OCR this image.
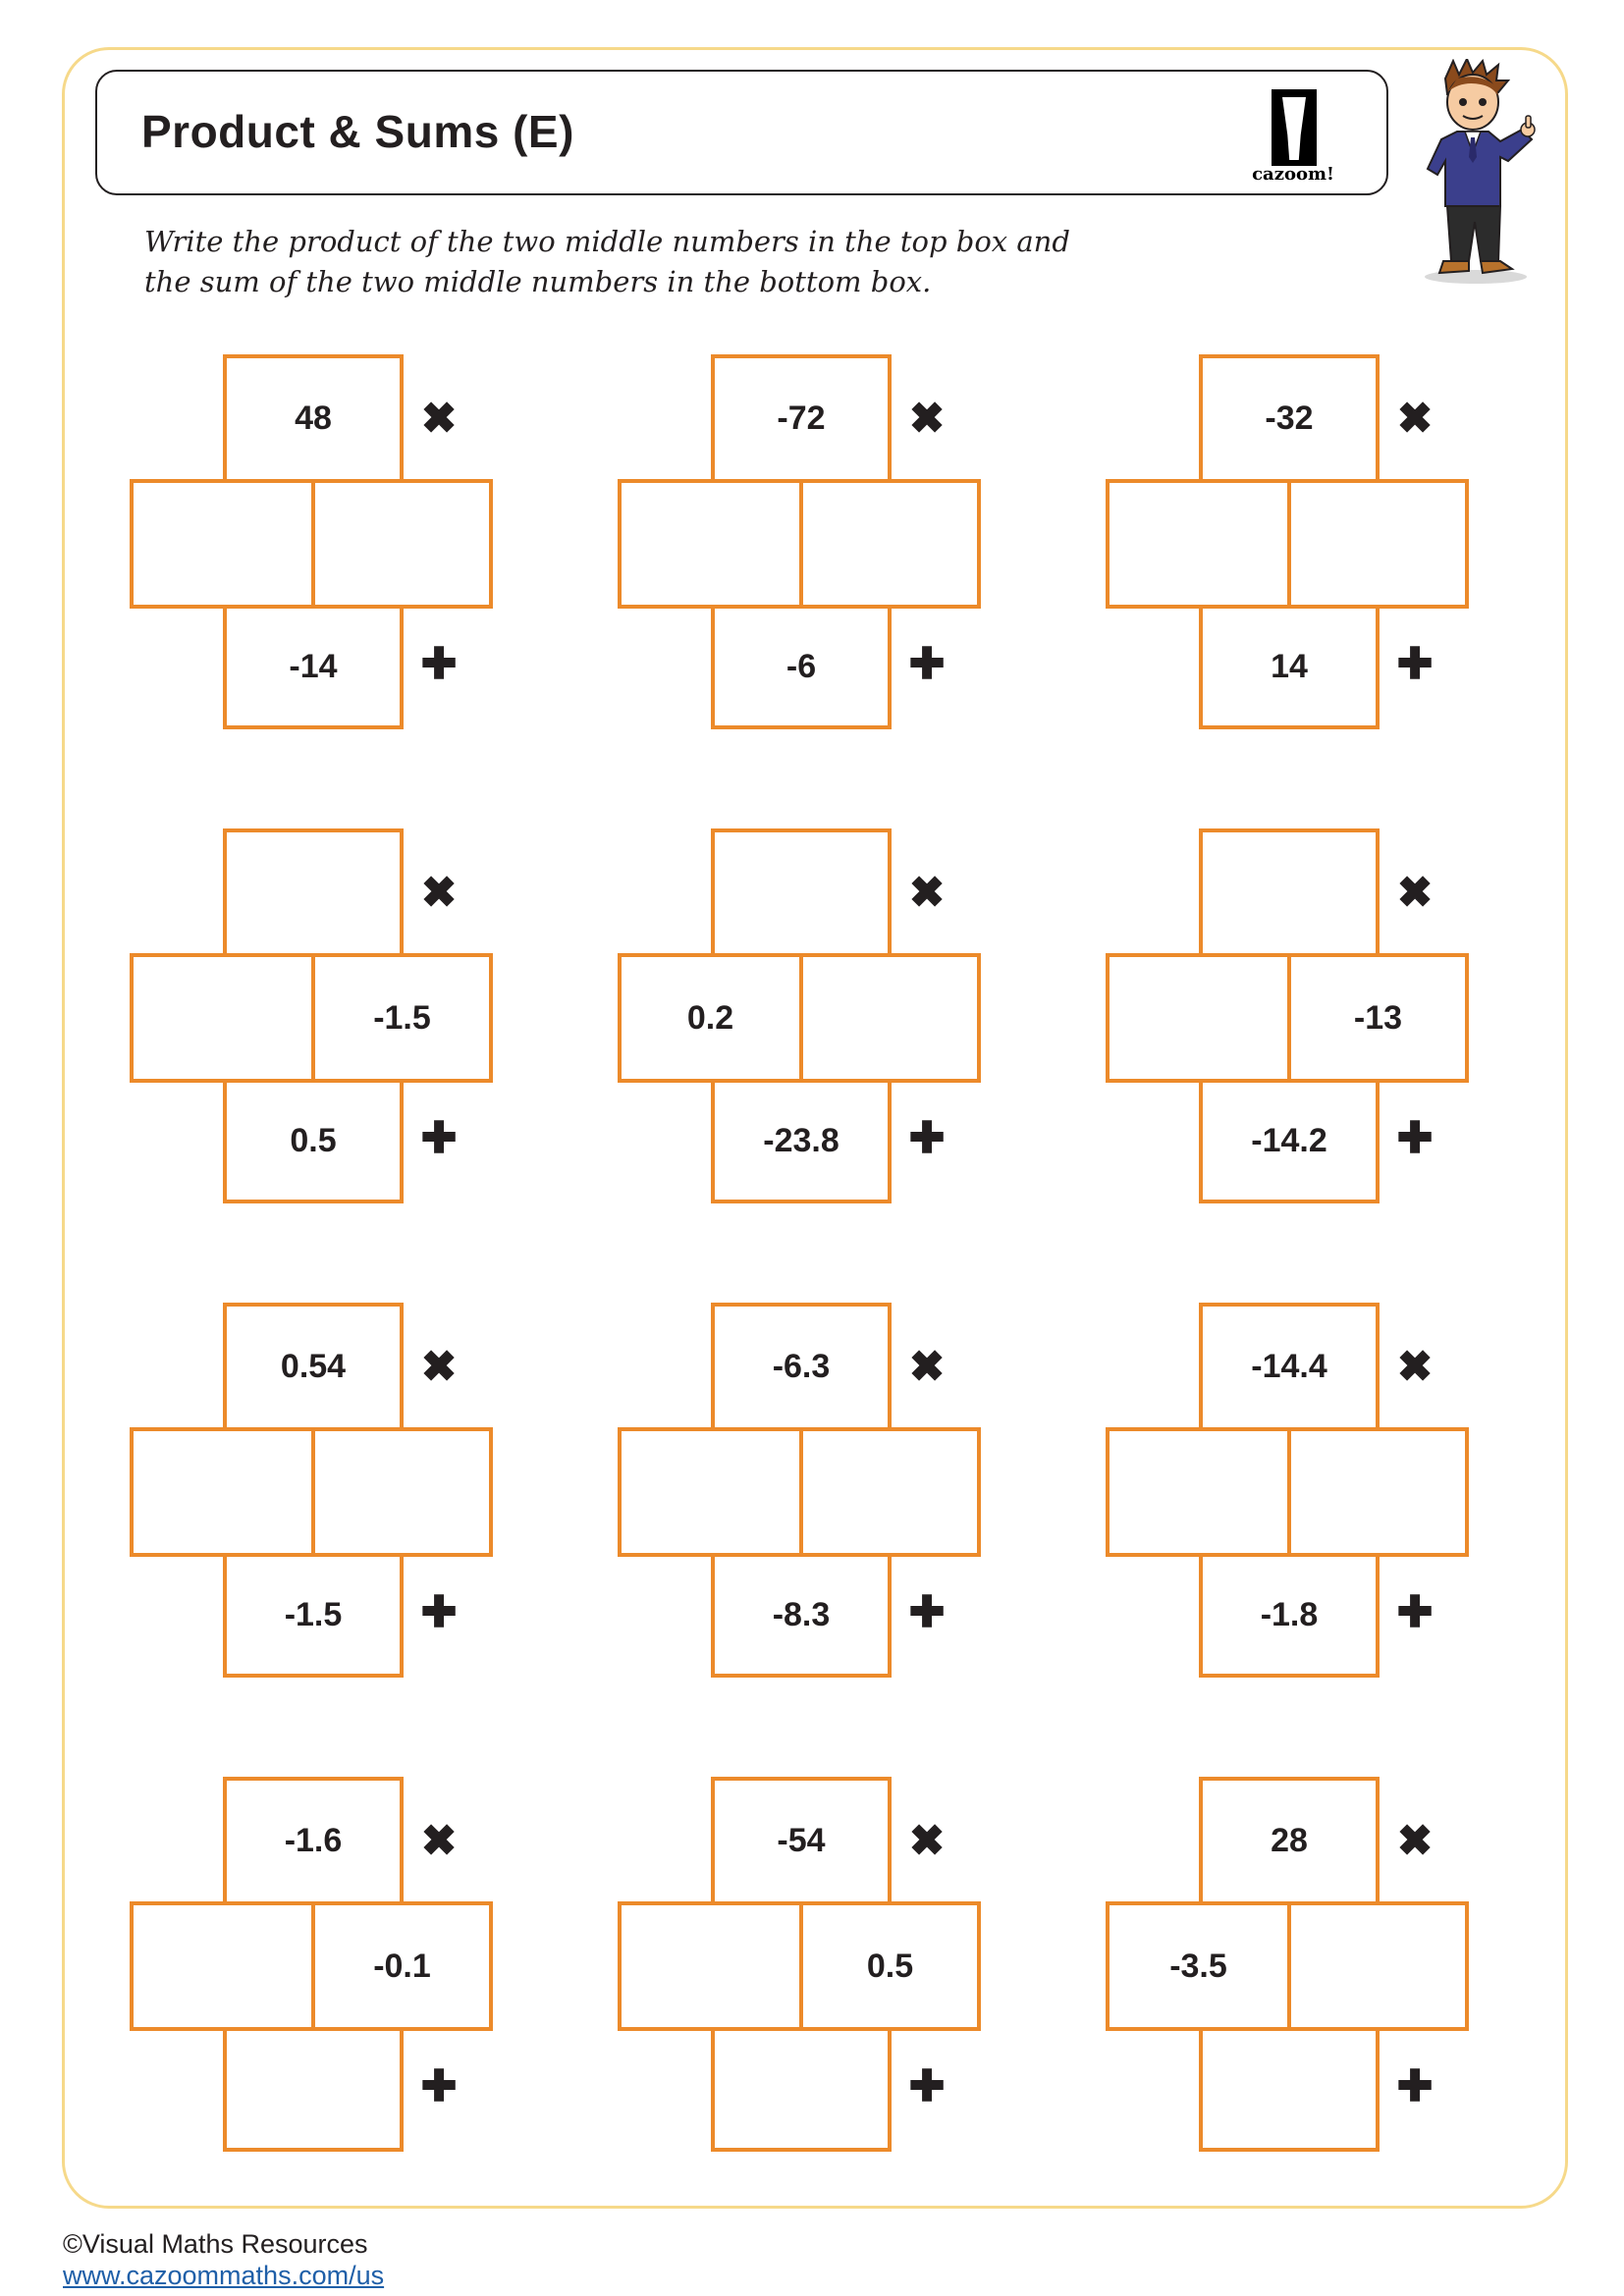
Product & Sums (E)
cazoom!
Write the product of the two middle numbers in the top box and
the sum of the two middle numbers in the bottom box.
48
-14
✖
✚
-72
-6
✖
✚
-32
14
✖
✚
-1.5
0.5
✖
✚
0.2
-23.8
✖
✚
-13
-14.2
✖
✚
0.54
-1.5
✖
✚
-6.3
-8.3
✖
✚
-14.4
-1.8
✖
✚
-1.6
-0.1
✖
✚
-54
0.5
✖
✚
28
-3.5
✖
✚
©Visual Maths Resources
www.cazoommaths.com/us
